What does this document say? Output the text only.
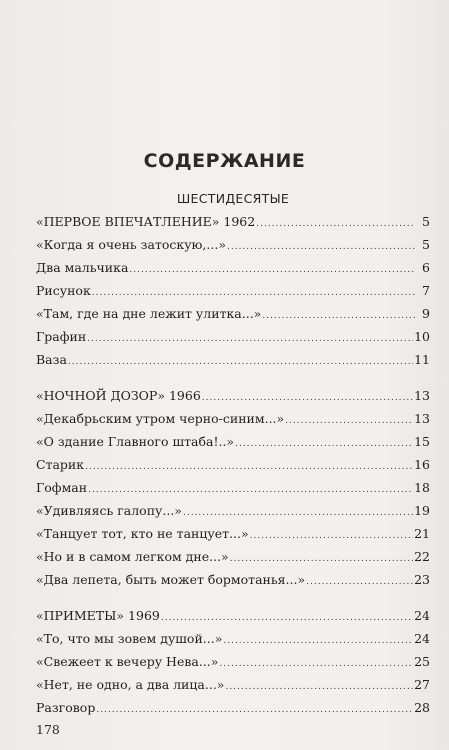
СОДЕРЖАНИЕ
ШЕСТИДЕСЯТЫЕ
«ПЕРВОЕ ВПЕЧАТЛЕНИЕ» 1962 .....	5
«Когда я очень затоскую,...» .....	5
Два мальчика .....	6
Рисунок .....	7
«Там, где на дне лежит улитка...» .....	9
Графин .....	10
Ваза .....	11
«НОЧНОЙ ДОЗОР» 1966 .....	13
«Декабрьским утром черно-синим...» .....	13
«О здание Главного штаба!..» .....	15
Старик .....	16
Гофман .....	18
«Удивляясь галопу...» .....	19
«Танцует тот, кто не танцует...» .....	21
«Но и в самом легком дне...» .....	22
«Два лепета, быть может бормотанья...» .....	23
«ПРИМЕТЫ» 1969 .....	24
«То, что мы зовем душой...» .....	24
«Свежеет к вечеру Нева...» .....	25
«Нет, не одно, а два лица...» .....	27
Разговор .....	28
178
